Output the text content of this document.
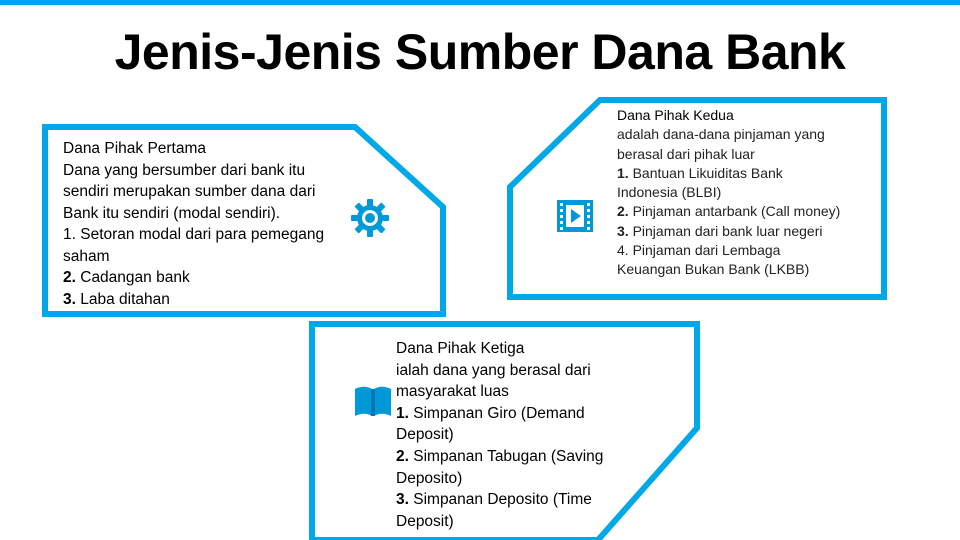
Jenis-Jenis Sumber Dana Bank
Dana Pihak Pertama
Dana yang bersumber dari bank itu
sendiri merupakan sumber dana dari
Bank itu sendiri (modal sendiri).
1. Setoran modal dari para pemegang
saham
2. Cadangan bank
3. Laba ditahan
Dana Pihak Kedua
adalah dana-dana pinjaman yang
berasal dari pihak luar
1. Bantuan Likuiditas Bank
Indonesia (BLBI)
2. Pinjaman antarbank (Call money)
3. Pinjaman dari bank luar negeri
4. Pinjaman dari Lembaga
Keuangan Bukan Bank (LKBB)
Dana Pihak Ketiga
ialah dana yang berasal dari
masyarakat luas
1. Simpanan Giro (Demand
Deposit)
2. Simpanan Tabugan (Saving
Deposito)
3. Simpanan Deposito (Time
Deposit)
